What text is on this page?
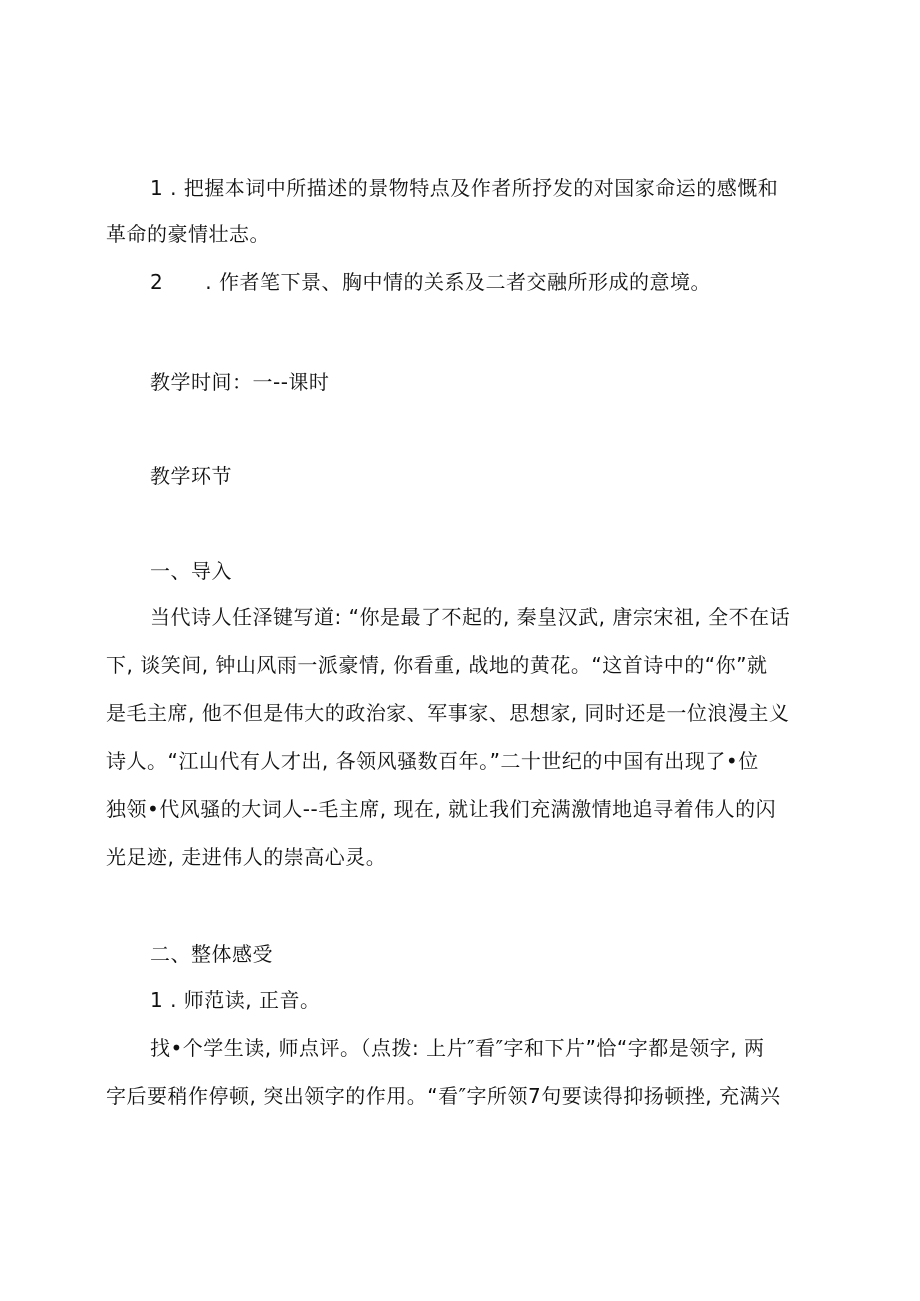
1 . 把握本词中所描述的景物特点及作者所抒发的对国家命运的感慨和
革命的豪情壮志。
2 . 作者笔下景、胸中情的关系及二者交融所形成的意境。
教学时间：一--课时
教学环节
一、导入
当代诗人任泽键写道: “你是最了不起的, 秦皇汉武, 唐宗宋祖, 全不在话
下, 谈笑间, 钟山风雨一派豪情, 你看重, 战地的黄花。“这首诗中的“你”就
是毛主席, 他不但是伟大的政治家、军事家、思想家, 同时还是一位浪漫主义
诗人。“江山代有人才出, 各领风骚数百年。”二十世纪的中国有出现了•位
独领•代风骚的大词人--毛主席, 现在, 就让我们充满激情地追寻着伟人的闪
光足迹, 走进伟人的崇高心灵。
二、整体感受
1 . 师范读, 正音。
找•个学生读, 师点评。（点拨: 上片″看″字和下片”恰“字都是领字, 两
字后要稍作停顿, 突出领字的作用。“看″字所领7句要读得抑扬顿挫, 充满兴
